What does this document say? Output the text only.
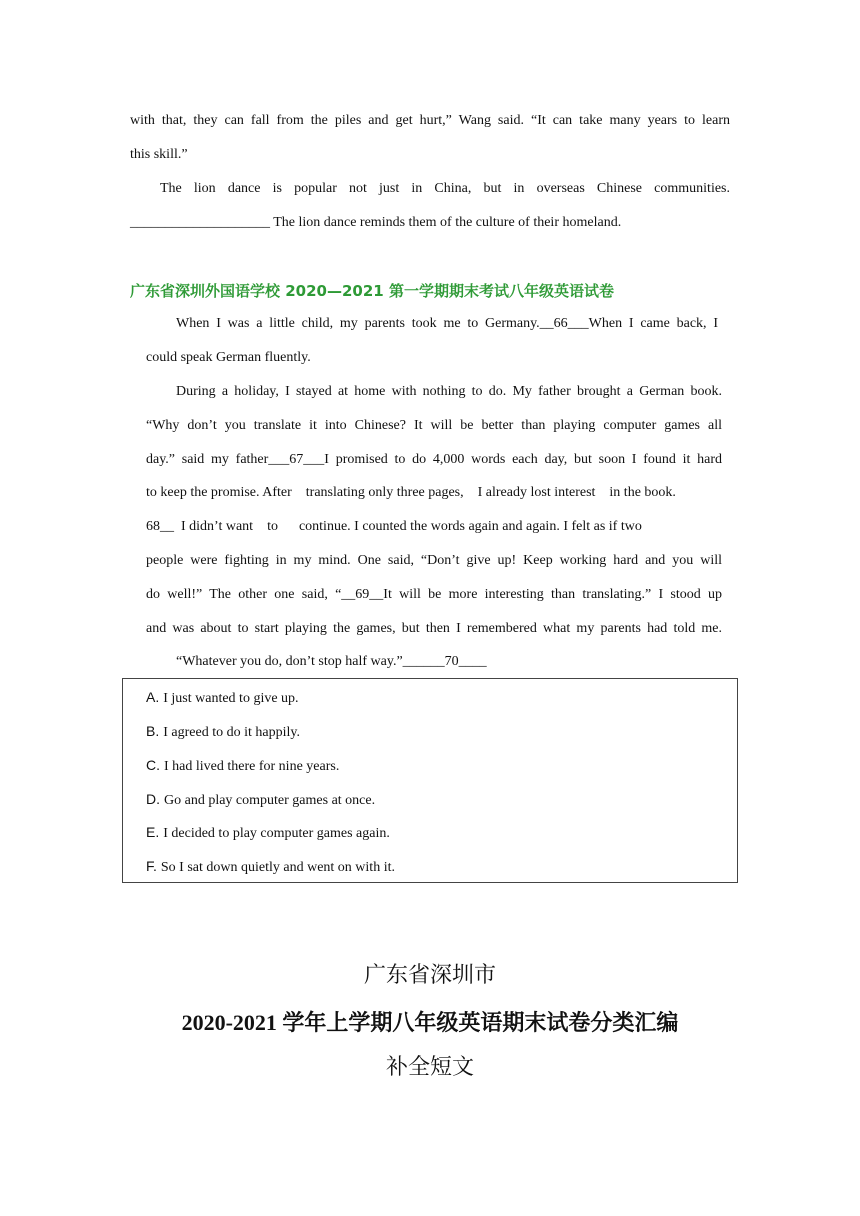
with that, they can fall from the piles and get hurt,” Wang said. “It can take many years to learn
this skill.”
The lion dance is popular not just in China, but in overseas Chinese communities.
____________________ The lion dance reminds them of the culture of their homeland.
广东省深圳外国语学校 2020—2021 第一学期期末考试八年级英语试卷
When I was a little child, my parents took me to Germany.__66___When I came back, I
could speak German fluently.
During a holiday, I stayed at home with nothing to do. My father brought a German book.
“Why don’t you translate it into Chinese? It will be better than playing computer games all
day.” said my father___67___I promised to do 4,000 words each day, but soon I found it hard
to keep the promise. After    translating only three pages,    I already lost interest    in the book.
68__  I didn’t want    to      continue. I counted the words again and again. I felt as if two
people were fighting in my mind. One said, “Don’t give up! Keep working hard and you will
do well!” The other one said, “__69__It will be more interesting than translating.” I stood up
and was about to start playing the games, but then I remembered what my parents had told me.
“Whatever you do, don’t stop half way.”______70____
A. I just wanted to give up.
B. I agreed to do it happily.
C. I had lived there for nine years.
D. Go and play computer games at once.
E. I decided to play computer games again.
F. So I sat down quietly and went on with it.
广东省深圳市
2020-2021 学年上学期八年级英语期末试卷分类汇编
补全短文
